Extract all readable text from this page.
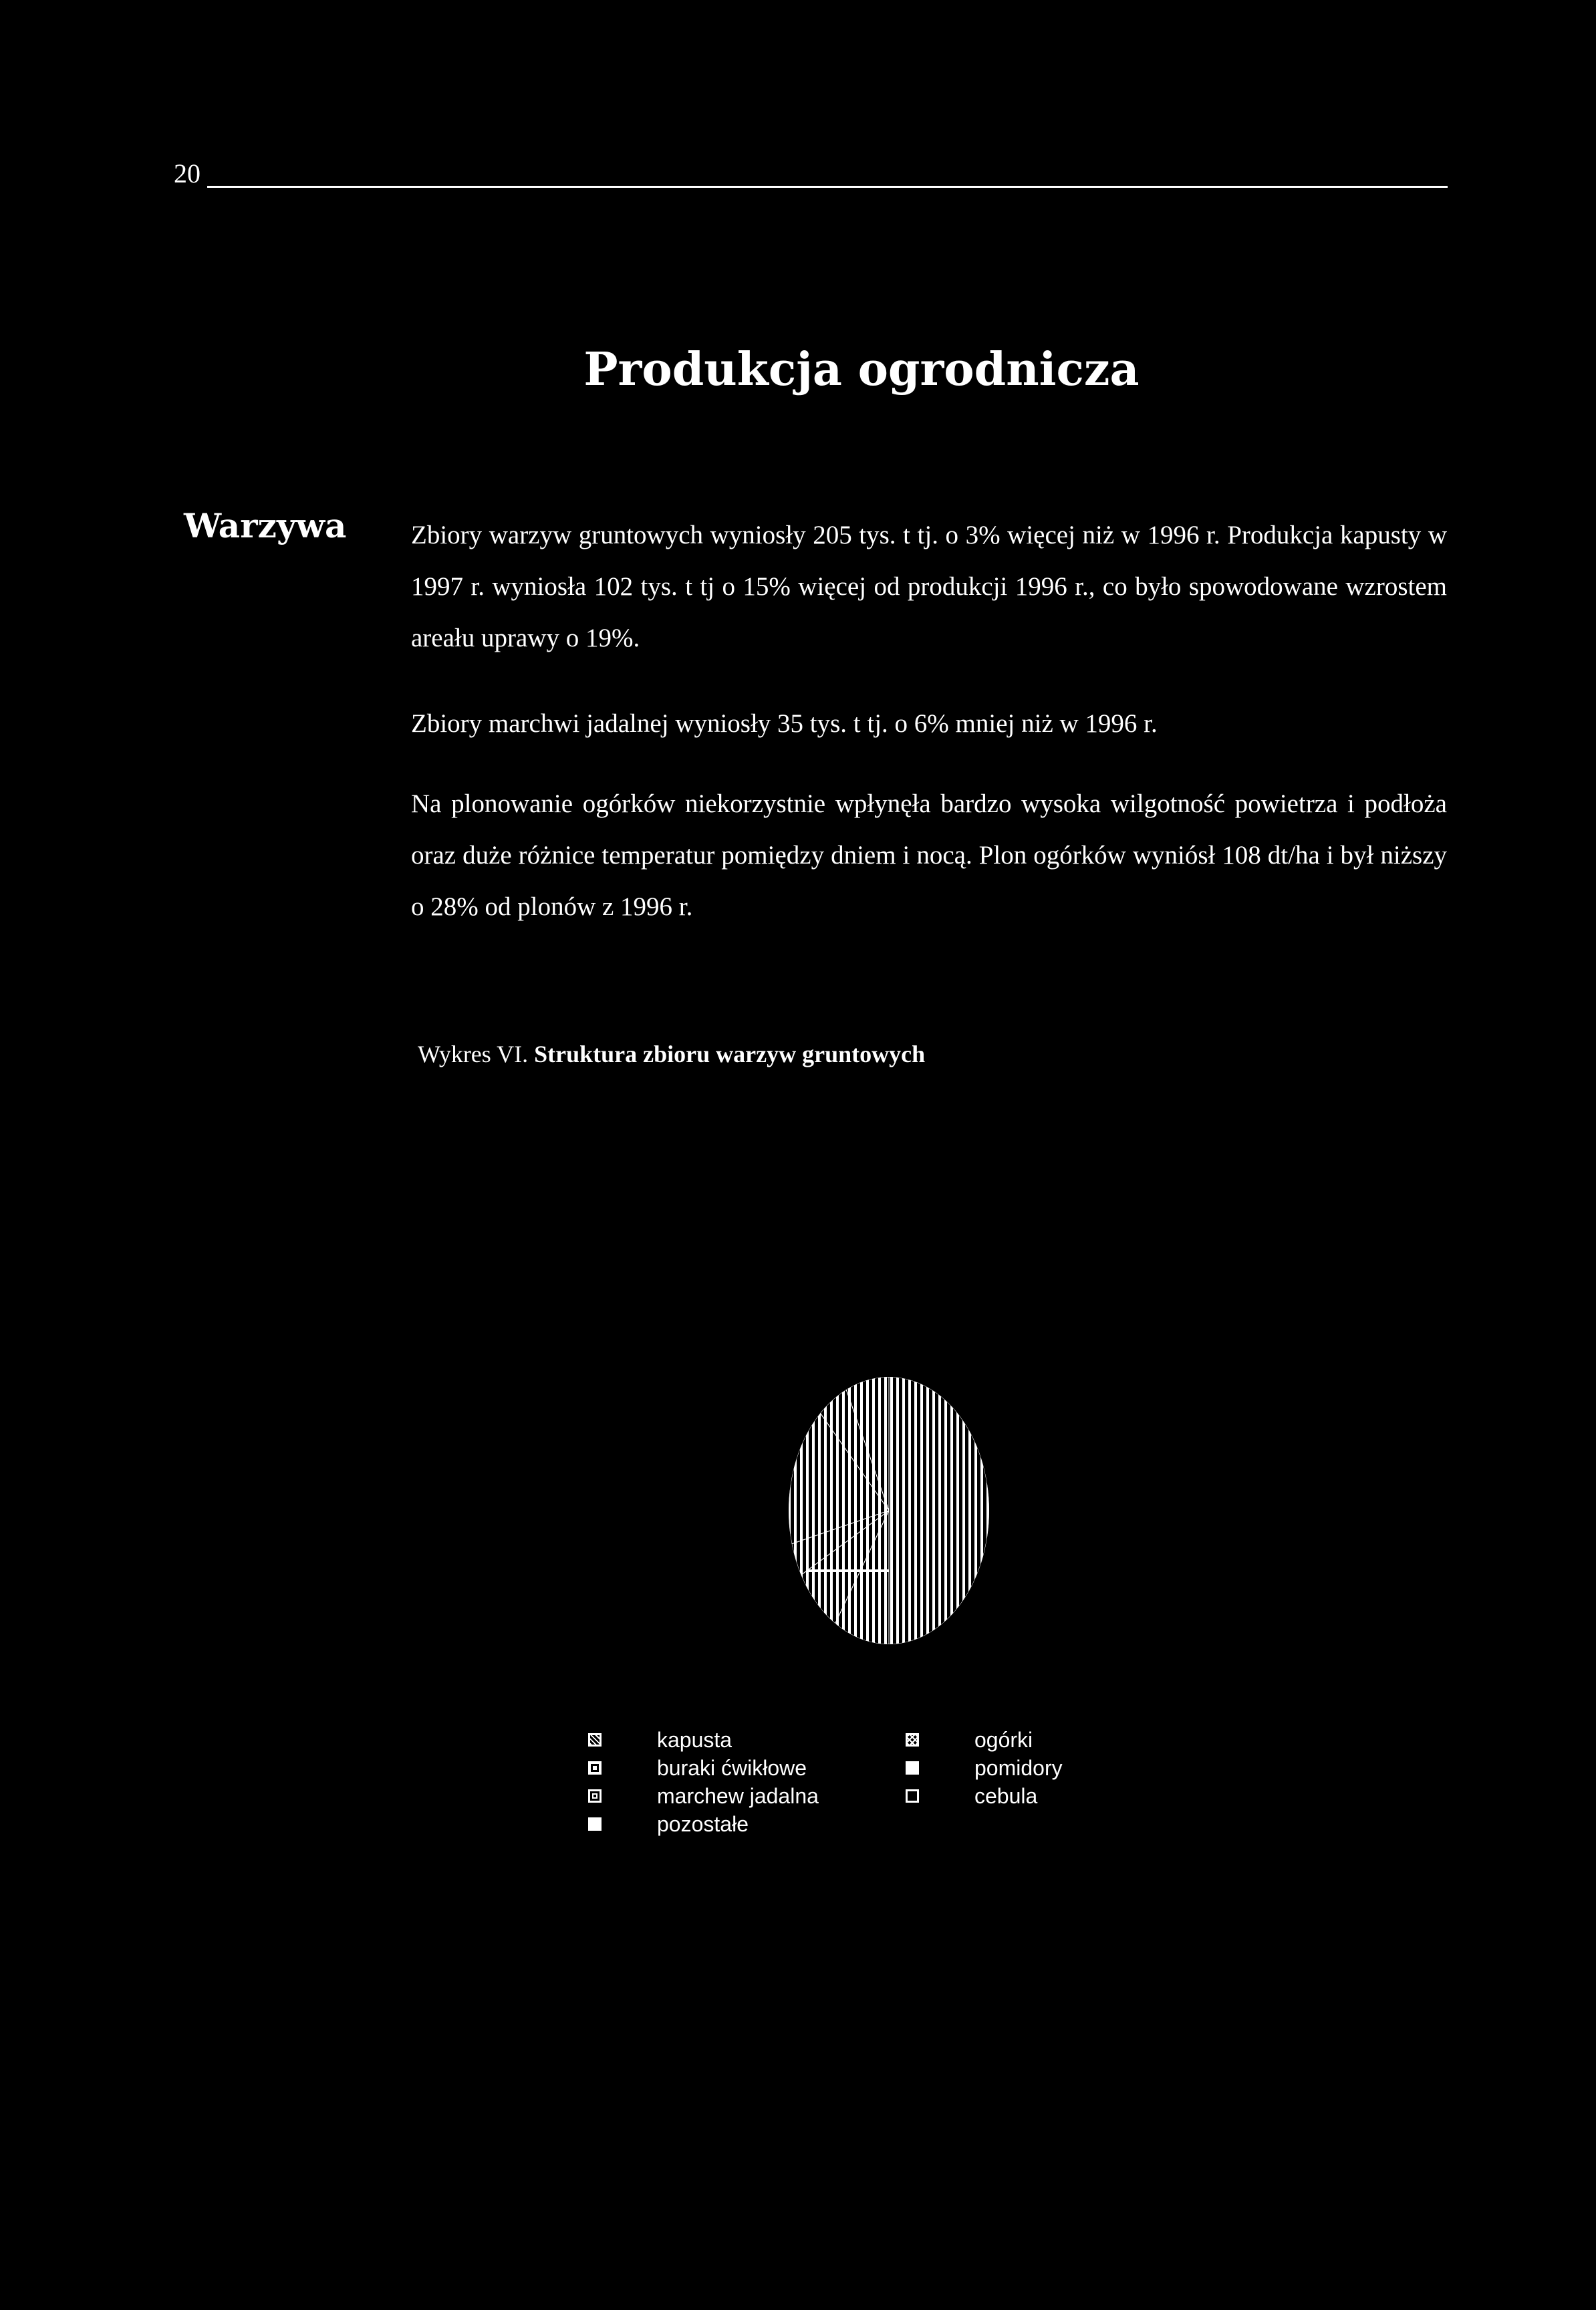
20
Produkcja ogrodnicza
Warzywa Zbiory warzyw gruntowych wyniosły 205 tys. t tj. o 3% więcej niż w 1996 r. Produkcja kapusty w 1997 r. wyniosła 102 tys. t tj o 15% więcej od produkcji 1996 r., co było spowodowane wzrostem areału uprawy o 19%.
Zbiory marchwi jadalnej wyniosły 35 tys. t tj. o 6% mniej niż w 1996 r.
Na plonowanie ogórków niekorzystnie wpłynęła bardzo wysoka wilgotność powietrza i podłoża oraz duże różnice temperatur pomiędzy dniem i nocą. Plon ogórków wyniósł 108 dt/ha i był niższy o 28% od plonów z 1996 r.
Wykres VI. Struktura zbioru warzyw gruntowych
kapusta	ogórki
buraki ćwikłowe	pomidory
marchew jadalna	cebula
pozostałe
